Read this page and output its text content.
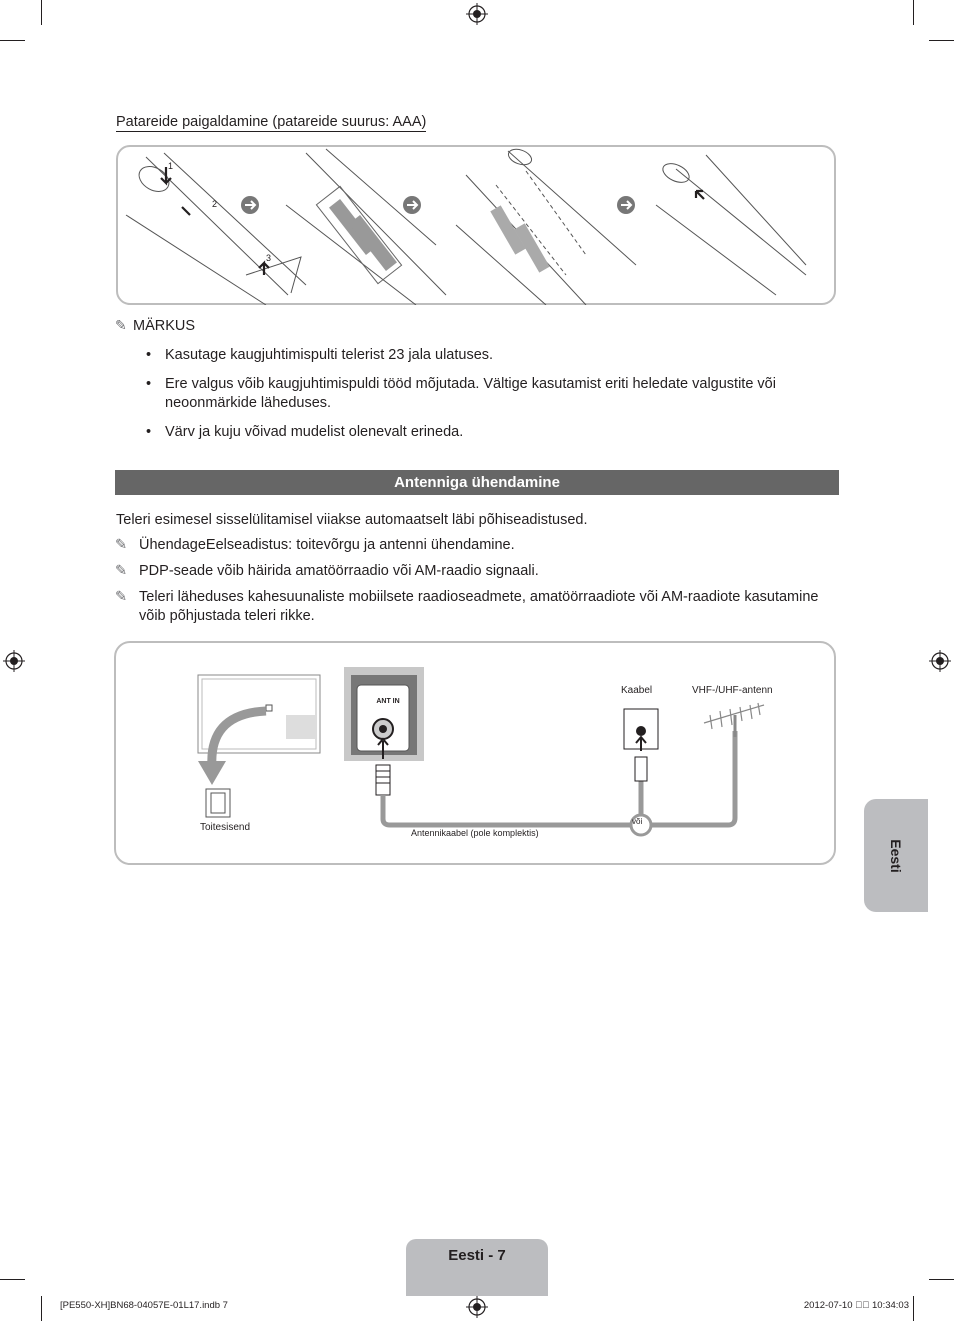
Patareide paigaldamine (patareide suurus: AAA)
1
2
3
✎ MÄRKUS
• Kasutage kaugjuhtimispulti telerist 23 jala ulatuses.
• Ere valgus võib kaugjuhtimispuldi tööd mõjutada. Vältige kasutamist eriti heledate valgustite või neoonmärkide läheduses.
• Värv ja kuju võivad mudelist olenevalt erineda.
Antenniga ühendamine
Teleri esimesel sisselülitamisel viiakse automaatselt läbi põhiseadistused.
✎ ÜhendageEelseadistus: toitevõrgu ja antenni ühendamine.
✎ PDP-seade võib häirida amatöörraadio või AM-raadio signaali.
✎ Teleri läheduses kahesuunaliste mobiilsete raadioseadmete, amatöörraadiote või AM-raadiote kasutamine võib põhjustada teleri rikke.
ANT IN
Toitesisend
Kaabel	VHF-/UHF-antenn
või
Antennikaabel (pole komplektis)
Eesti
Eesti - 7
[PE550-XH]BN68-04057E-01L17.indb 7	2012-07-10 ￿￿ 10:34:03
